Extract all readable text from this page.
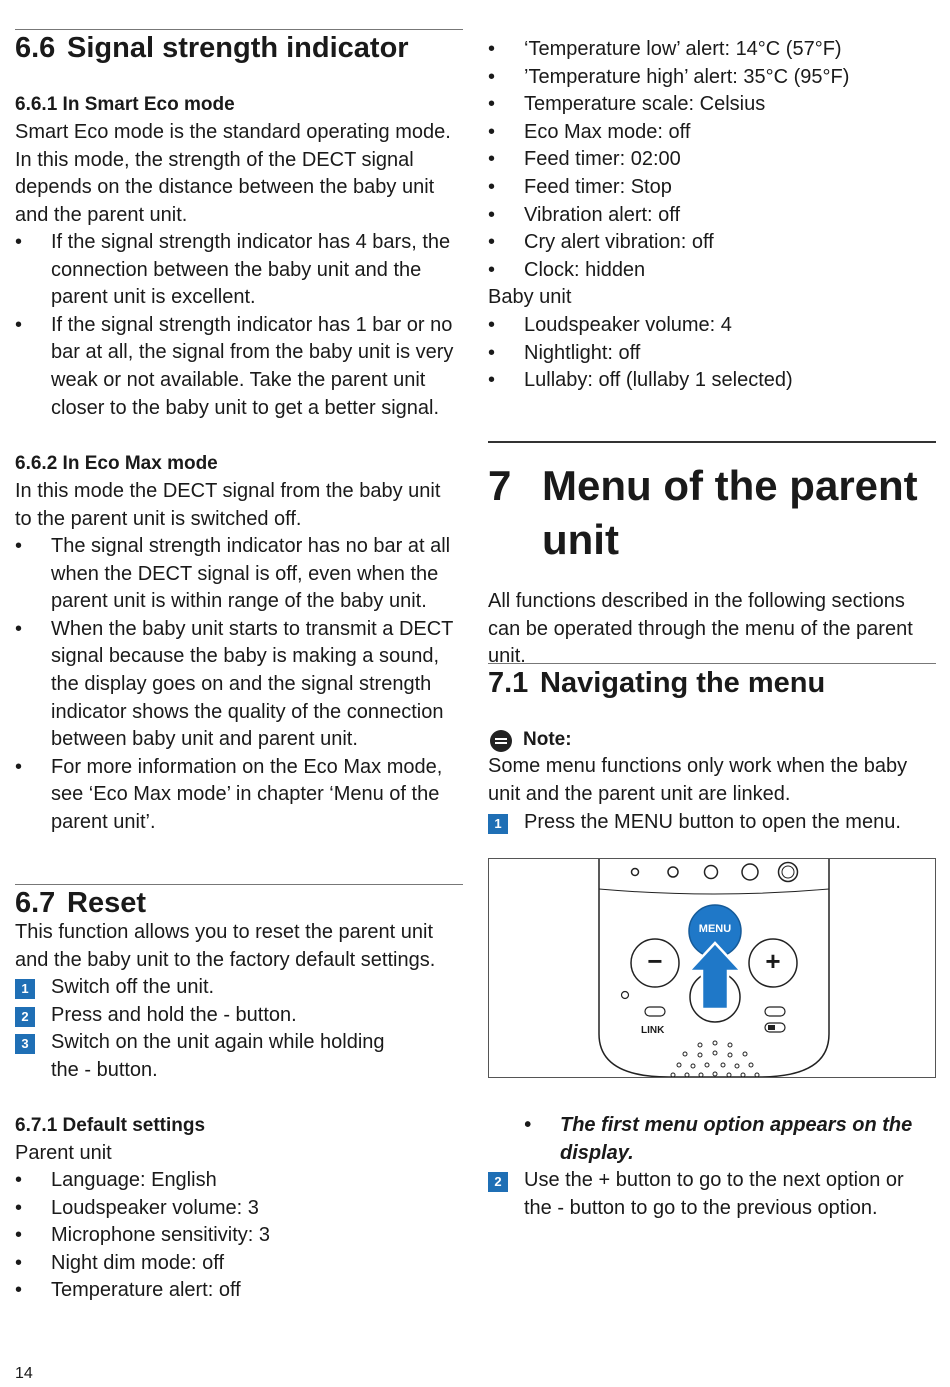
6.6 Signal strength indicator
6.6.1 In Smart Eco mode

Smart Eco mode is the standard operating mode. In this mode, the strength of the DECT signal depends on the distance between the baby unit and the parent unit.

• If the signal strength indicator has 4 bars, the connection between the baby unit and the parent unit is excellent.
• If the signal strength indicator has 1 bar or no bar at all, the signal from the baby unit is very weak or not available. Take the parent unit closer to the baby unit to get a better signal.
6.6.2 In Eco Max mode

In this mode the DECT signal from the baby unit to the parent unit is switched off.

• The signal strength indicator has no bar at all when the DECT signal is off, even when the parent unit is within range of the baby unit.
• When the baby unit starts to transmit a DECT signal because the baby is making a sound, the display goes on and the signal strength indicator shows the quality of the connection between baby unit and parent unit.
• For more information on the Eco Max mode, see ‘Eco Max mode’ in chapter ‘Menu of the parent unit’.
6.7 Reset

This function allows you to reset the parent unit and the baby unit to the factory default settings.

1	Switch off the unit.
2	Press and hold the - button.
3	Switch on the unit again while holding the - button.
6.7.1 Default settings

Parent unit

• Language: English
• Loudspeaker volume: 3
• Microphone sensitivity: 3
• Night dim mode: off
• Temperature alert: off
14
• ‘Temperature low’ alert: 14°C (57°F)
• ’Temperature high’ alert: 35°C (95°F)
• Temperature scale: Celsius
• Eco Max mode: off
• Feed timer: 02:00
• Feed timer: Stop
• Vibration alert: off
• Cry alert vibration: off
• Clock: hidden

Baby unit

• Loudspeaker volume: 4
• Nightlight: off
• Lullaby: off (lullaby 1 selected)
7 Menu of the parent unit

All functions described in the following sections can be operated through the menu of the parent unit.

7.1 Navigating the menu
Note:

Some menu functions only work when the baby unit and the parent unit are linked.

1	Press the MENU button to open the menu.
MENU
−	+
LINK
• The first menu option appears on the display.
2	Use the + button to go to the next option or the - button to go to the previous option.
